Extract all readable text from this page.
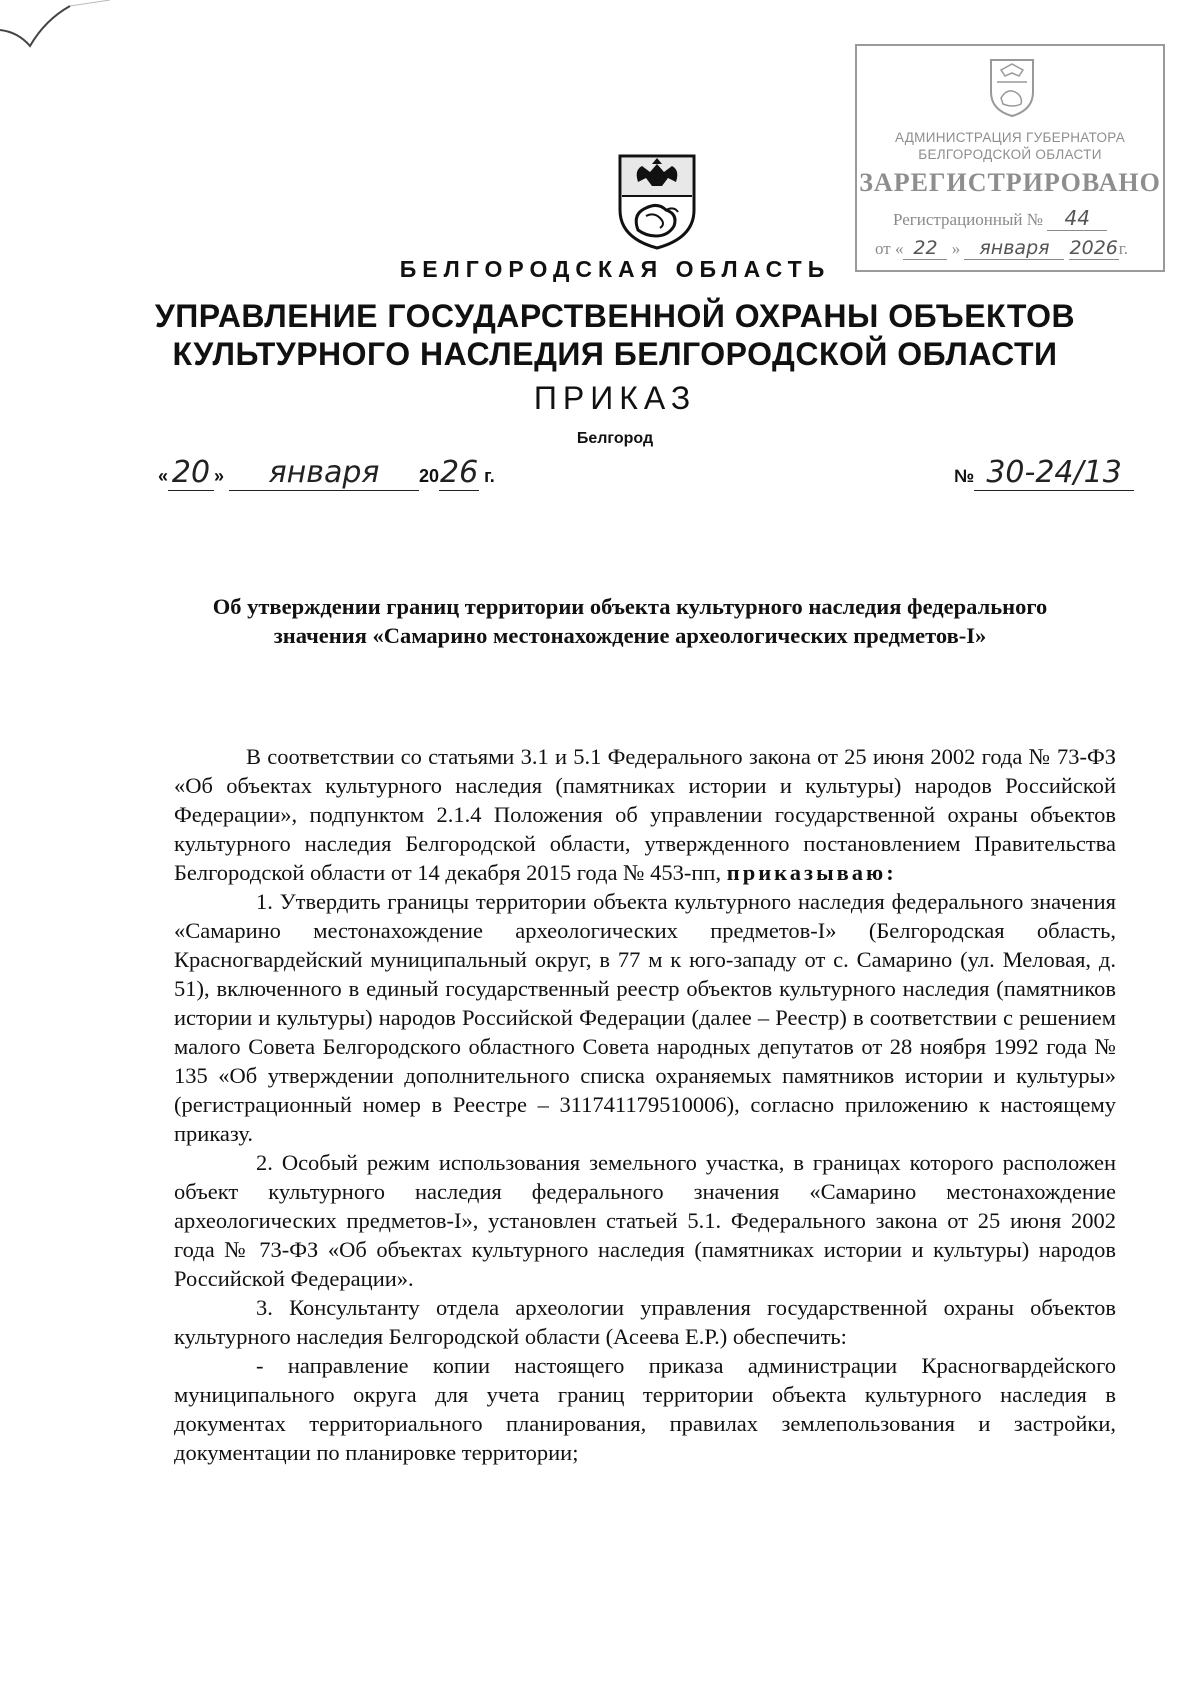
АДМИНИСТРАЦИЯ ГУБЕРНАТОРА
БЕЛГОРОДСКОЙ ОБЛАСТИ
ЗАРЕГИСТРИРОВАНО
Регистрационный № 44
от « 22 » января 2026г.
БЕЛГОРОДСКАЯ ОБЛАСТЬ
УПРАВЛЕНИЕ ГОСУДАРСТВЕННОЙ ОХРАНЫ ОБЪЕКТОВ
КУЛЬТУРНОГО НАСЛЕДИЯ БЕЛГОРОДСКОЙ ОБЛАСТИ
ПРИКАЗ
Белгород
« 20 » января 2026 г.	№ 30-24/13
Об утверждении границ территории объекта культурного наследия федерального значения «Самарино местонахождение археологических предметов-I»

В соответствии со статьями 3.1 и 5.1 Федерального закона от 25 июня 2002 года № 73-ФЗ «Об объектах культурного наследия (памятниках истории и культуры) народов Российской Федерации», подпунктом 2.1.4 Положения об управлении государственной охраны объектов культурного наследия Белгородской области, утвержденного постановлением Правительства Белгородской области от 14 декабря 2015 года № 453-пп, приказываю:

1. Утвердить границы территории объекта культурного наследия федерального значения «Самарино местонахождение археологических предметов-I» (Белгородская область, Красногвардейский муниципальный округ, в 77 м к юго-западу от с. Самарино (ул. Меловая, д. 51), включенного в единый государственный реестр объектов культурного наследия (памятников истории и культуры) народов Российской Федерации (далее – Реестр) в соответствии с решением малого Совета Белгородского областного Совета народных депутатов от 28 ноября 1992 года № 135 «Об утверждении дополнительного списка охраняемых памятников истории и культуры» (регистрационный номер в Реестре – 311741179510006), согласно приложению к настоящему приказу.

2. Особый режим использования земельного участка, в границах которого расположен объект культурного наследия федерального значения «Самарино местонахождение археологических предметов-I», установлен статьей 5.1. Федерального закона от 25 июня 2002 года № 73-ФЗ «Об объектах культурного наследия (памятниках истории и культуры) народов Российской Федерации».

3. Консультанту отдела археологии управления государственной охраны объектов культурного наследия Белгородской области (Асеева Е.Р.) обеспечить:

- направление копии настоящего приказа администрации Красногвардейского муниципального округа для учета границ территории объекта культурного наследия в документах территориального планирования, правилах землепользования и застройки, документации по планировке территории;
